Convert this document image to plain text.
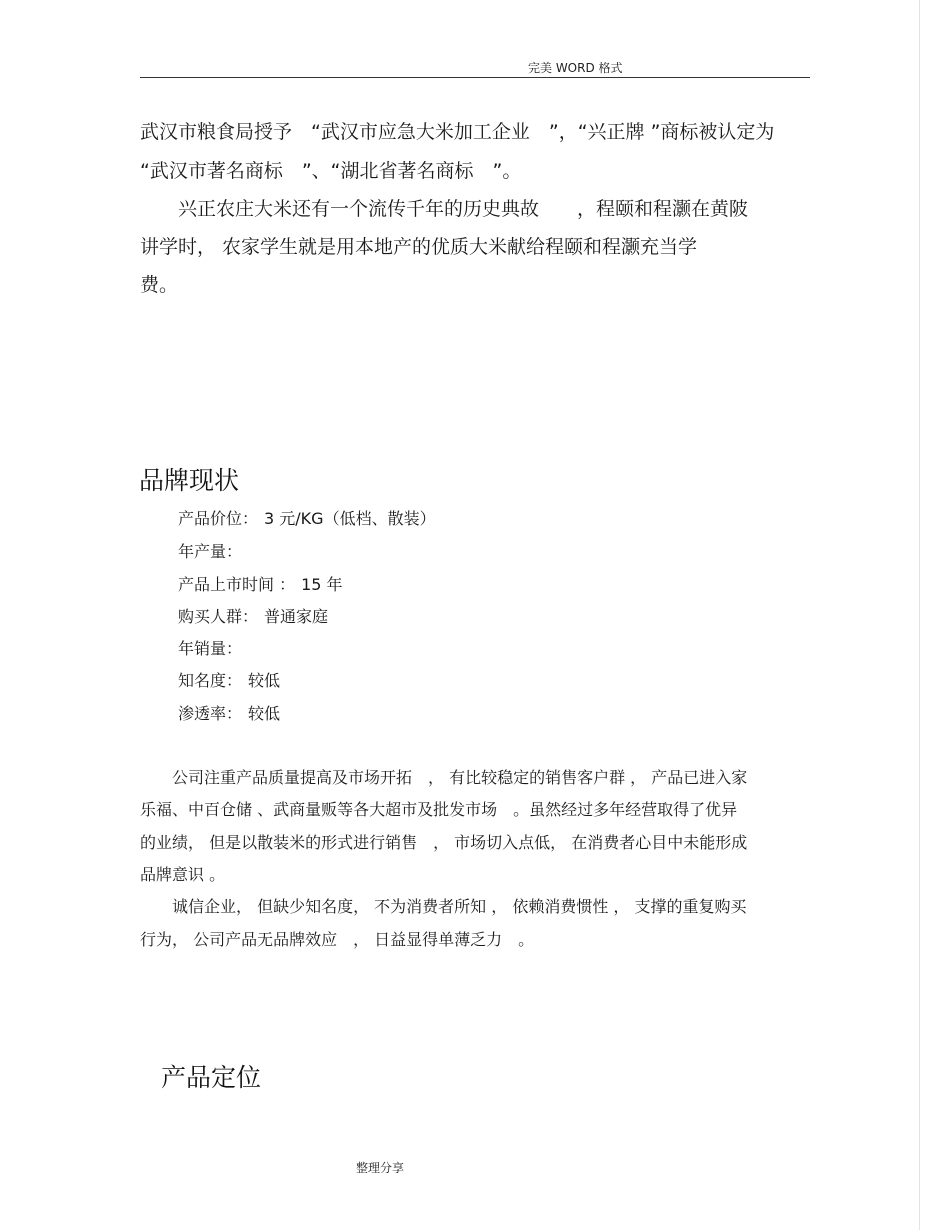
完美 WORD 格式
武汉市粮食局授予　“武汉市应急大米加工企业　”，“兴正牌 ”商标被认定为
“武汉市著名商标　”、“湖北省著名商标　”。
　　兴正农庄大米还有一个流传千年的历史典故　　，程颐和程灏在黄陂
讲学时， 农家学生就是用本地产的优质大米献给程颐和程灏充当学
费。
品牌现状
产品价位： 3 元/KG（低档、散装）
年产量：
产品上市时间 ： 15 年
购买人群： 普通家庭
年销量：
知名度： 较低
渗透率： 较低
　　公司注重产品质量提高及市场开拓　， 有比较稳定的销售客户群 ， 产品已进入家
乐福、中百仓储 、武商量贩等各大超市及批发市场　。虽然经过多年经营取得了优异
的业绩， 但是以散装米的形式进行销售　， 市场切入点低， 在消费者心目中未能形成
品牌意识 。
　　诚信企业， 但缺少知名度， 不为消费者所知 ， 依赖消费惯性 ， 支撑的重复购买
行为， 公司产品无品牌效应　， 日益显得单薄乏力　。
产品定位
整理分享
